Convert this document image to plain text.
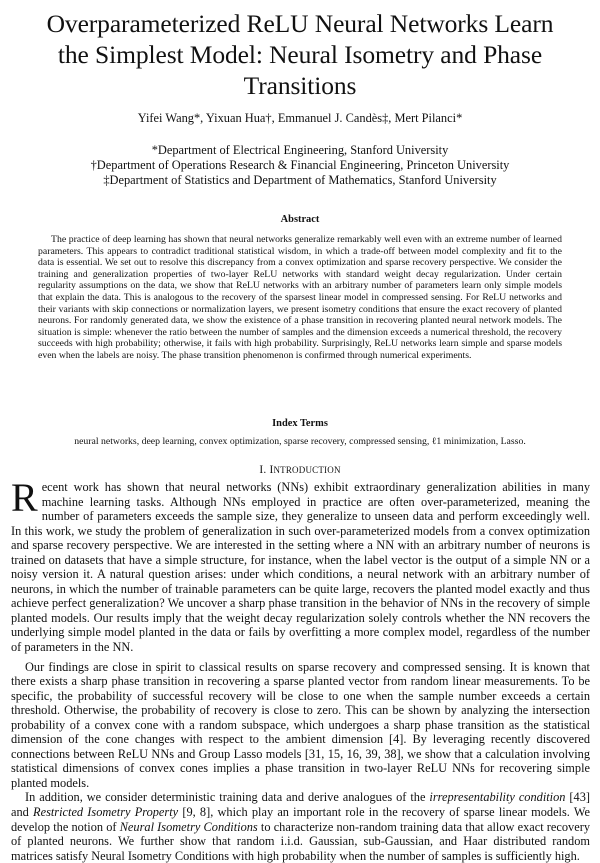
Overparameterized ReLU Neural Networks Learn
the Simplest Model: Neural Isometry and Phase
Transitions
Yifei Wang*, Yixuan Hua†, Emmanuel J. Candès‡, Mert Pilanci*
*Department of Electrical Engineering, Stanford University
†Department of Operations Research & Financial Engineering, Princeton University
‡Department of Statistics and Department of Mathematics, Stanford University
Abstract

The practice of deep learning has shown that neural networks generalize remarkably well even with an extreme number of learned parameters. This appears to contradict traditional statistical wisdom, in which a trade-off between model complexity and fit to the data is essential. We set out to resolve this discrepancy from a convex optimization and sparse recovery perspective. We consider the training and generalization properties of two-layer ReLU networks with standard weight decay regularization. Under certain regularity assumptions on the data, we show that ReLU networks with an arbitrary number of parameters learn only simple models that explain the data. This is analogous to the recovery of the sparsest linear model in compressed sensing. For ReLU networks and their variants with skip connections or normalization layers, we present isometry conditions that ensure the exact recovery of planted neurons. For randomly generated data, we show the existence of a phase transition in recovering planted neural network models. The situation is simple: whenever the ratio between the number of samples and the dimension exceeds a numerical threshold, the recovery succeeds with high probability; otherwise, it fails with high probability. Surprisingly, ReLU networks learn simple and sparse models even when the labels are noisy. The phase transition phenomenon is confirmed through numerical experiments.

Index Terms
neural networks, deep learning, convex optimization, sparse recovery, compressed sensing, ℓ1 minimization, Lasso.
I. INTRODUCTION

Recent work has shown that neural networks (NNs) exhibit extraordinary generalization abilities in many machine learning tasks. Although NNs employed in practice are often over-parameterized, meaning the number of parameters exceeds the sample size, they generalize to unseen data and perform exceedingly well. In this work, we study the problem of generalization in such over-parameterized models from a convex optimization and sparse recovery perspective. We are interested in the setting where a NN with an arbitrary number of neurons is trained on datasets that have a simple structure, for instance, when the label vector is the output of a simple NN or a noisy version it. A natural question arises: under which conditions, a neural network with an arbitrary number of neurons, in which the number of trainable parameters can be quite large, recovers the planted model exactly and thus achieve perfect generalization? We uncover a sharp phase transition in the behavior of NNs in the recovery of simple planted models. Our results imply that the weight decay regularization solely controls whether the NN recovers the underlying simple model planted in the data or fails by overfitting a more complex model, regardless of the number of parameters in the NN.

Our findings are close in spirit to classical results on sparse recovery and compressed sensing. It is known that there exists a sharp phase transition in recovering a sparse planted vector from random linear measurements. To be specific, the probability of successful recovery will be close to one when the sample number exceeds a certain threshold. Otherwise, the probability of recovery is close to zero. This can be shown by analyzing the intersection probability of a convex cone with a random subspace, which undergoes a sharp phase transition as the statistical dimension of the cone changes with respect to the ambient dimension [4]. By leveraging recently discovered connections between ReLU NNs and Group Lasso models [31, 15, 16, 39, 38], we show that a calculation involving statistical dimensions of convex cones implies a phase transition in two-layer ReLU NNs for recovering simple planted models.

In addition, we consider deterministic training data and derive analogues of the irrepresentability condition [43] and Restricted Isometry Property [9, 8], which play an important role in the recovery of sparse linear models. We develop the notion of Neural Isometry Conditions to characterize non-random training data that allow exact recovery of planted neurons. We further show that random i.i.d. Gaussian, sub-Gaussian, and Haar distributed random matrices satisfy Neural Isometry Conditions with high probability when the number of samples is sufficiently high.
